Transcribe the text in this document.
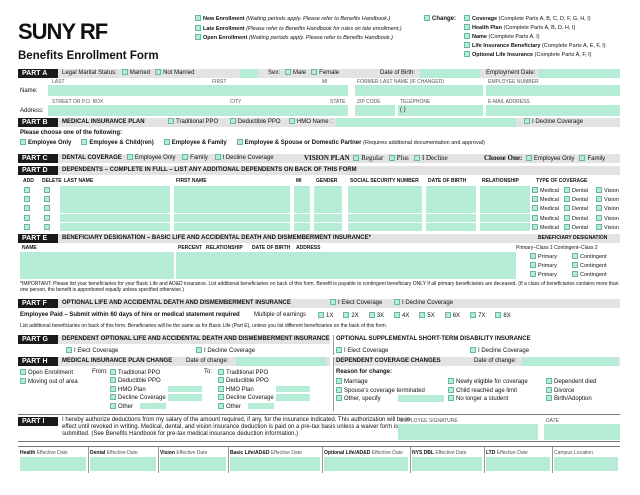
SUNY RF
Benefits Enrollment Form
New Enrollment (Waiting periods apply. Please refer to Benefits Handbook.)
Late Enrollment (Please refer to Benefits Handbook for rules on late enrollment.)
Open Enrollment (Waiting periods apply. Please refer to Benefits Handbook.)
Change:	Coverage (Complete Parts A, B, C, D, F, G, H, I)
Health Plan (Complete Parts A, B, D, H, I)
Name (Complete Parts A, I)
Life Insurance Beneficiary (Complete Parts A, E, F, I)
Optional Life Insurance (Complete Parts A, F, I)
PART A	Legal Marital Status: Married Not Married	Sex: Male Female	Date of Birth:	Employment Date:
LAST	FIRST	MI	FORMER LAST NAME (IF CHANGED)	EMPLOYEE NUMBER
Name:
STREET OR P.O. BOX	CITY	STATE ZIP CODE	TELEPHONE	E-MAIL ADDRESS
Address:	( )
PART B	MEDICAL INSURANCE PLAN	Traditional PPO	Deductible PPO	HMO Name :	I Decline Coverage
Please choose one of the following:
Employee Only	Employee & Child(ren)	Employee & Family	Employee & Spouse or Domestic Partner (Requires additional documentation and approval)
PART C	DENTAL COVERAGE Employee Only Family I Decline Coverage	VISION PLAN Regular Plus I Decline	Choose One: Employee Only Family
PART D	DEPENDENTS – COMPLETE IN FULL – LIST ANY ADDITIONAL DEPENDENTS ON BACK OF THIS FORM
ADD DELETE LAST NAME	FIRST NAME	MI	GENDER	SOCIAL SECURITY NUMBER DATE OF BIRTH	RELATIONSHIP	TYPE OF COVERAGE
Medical	Dental	Vision
Medical	Dental	Vision
Medical	Dental	Vision
Medical	Dental	Vision
Medical	Dental	Vision
PART E	BENEFICIARY DESIGNATION – BASIC LIFE AND ACCIDENTAL DEATH AND DISMEMBERMENT INSURANCE*	BENEFICIARY DESIGNATION
NAME	PERCENT RELATIONSHIP DATE OF BIRTH ADDRESS	Primary–Class 1 Contingent–Class 2
Primary	Contingent
Primary	Contingent
Primary	Contingent
*IMPORTANT: Please list your beneficiaries for your Basic Life and AD&D insurance. List additional beneficiaries on back of this form. Benefit is payable to contingent beneficiary ONLY if all primary beneficiaries are deceased. (If a class of beneficiaries contains more than one person, the benefit is apportioned equally unless specified otherwise.)
PART F	OPTIONAL LIFE AND ACCIDENTAL DEATH AND DISMEMBERMENT INSURANCE	I Elect Coverage	I Decline Coverage
Employee Paid – Submit within 60 days of hire or medical statement required Multiple of earnings	1X	2X	3X	4X	5X	6X	7X	8X
List additional beneficiaries on back of this form. Beneficiaries will be the same as for Basic Life (Part E), unless you list different beneficiaries on the back of this form.
PART G	DEPENDENT OPTIONAL LIFE AND ACCIDENTAL DEATH AND DISMEMBERMENT INSURANCE OPTIONAL SUPPLEMENTAL SHORT-TERM DISABILITY INSURANCE
I Elect Coverage	I Decline Coverage	I Elect Coverage	I Decline Coverage
PART H	MEDICAL INSURANCE PLAN CHANGE Date of change:	DEPENDENT COVERAGE CHANGES	Date of change:
Open Enrollment
Moving out of area
From:	To:
Traditional PPO
Deductible PPO
HMO Plan
Decline Coverage
Other
Traditional PPO
Deductible PPO
HMO Plan
Decline Coverage
Other
Reason for change:
Marriage
Spouse's coverage terminated
Other, specify
Newly eligible for coverage
Child reached age limit
No longer a student
Dependent died
Divorce
Birth/Adoption
PART I	I hereby authorize deductions from my salary of the amount required, if any, for the insurance indicated. This authorization will be in effect until revoked in writing. Medical, dental, and vision insurance deduction is paid on a pre-tax basis unless a waiver form is submitted. (See Benefits Handbook for pre-tax medical insurance deduction information.)
EMPLOYEE SIGNATURE	DATE
Health Effective Date	Dental Effective Date	Vision Effective Date	Basic Life/AD&D Effective Date	Optional Life/AD&D Effective Date NYS DBL Effective Date	LTD Effective Date	Campus Location
